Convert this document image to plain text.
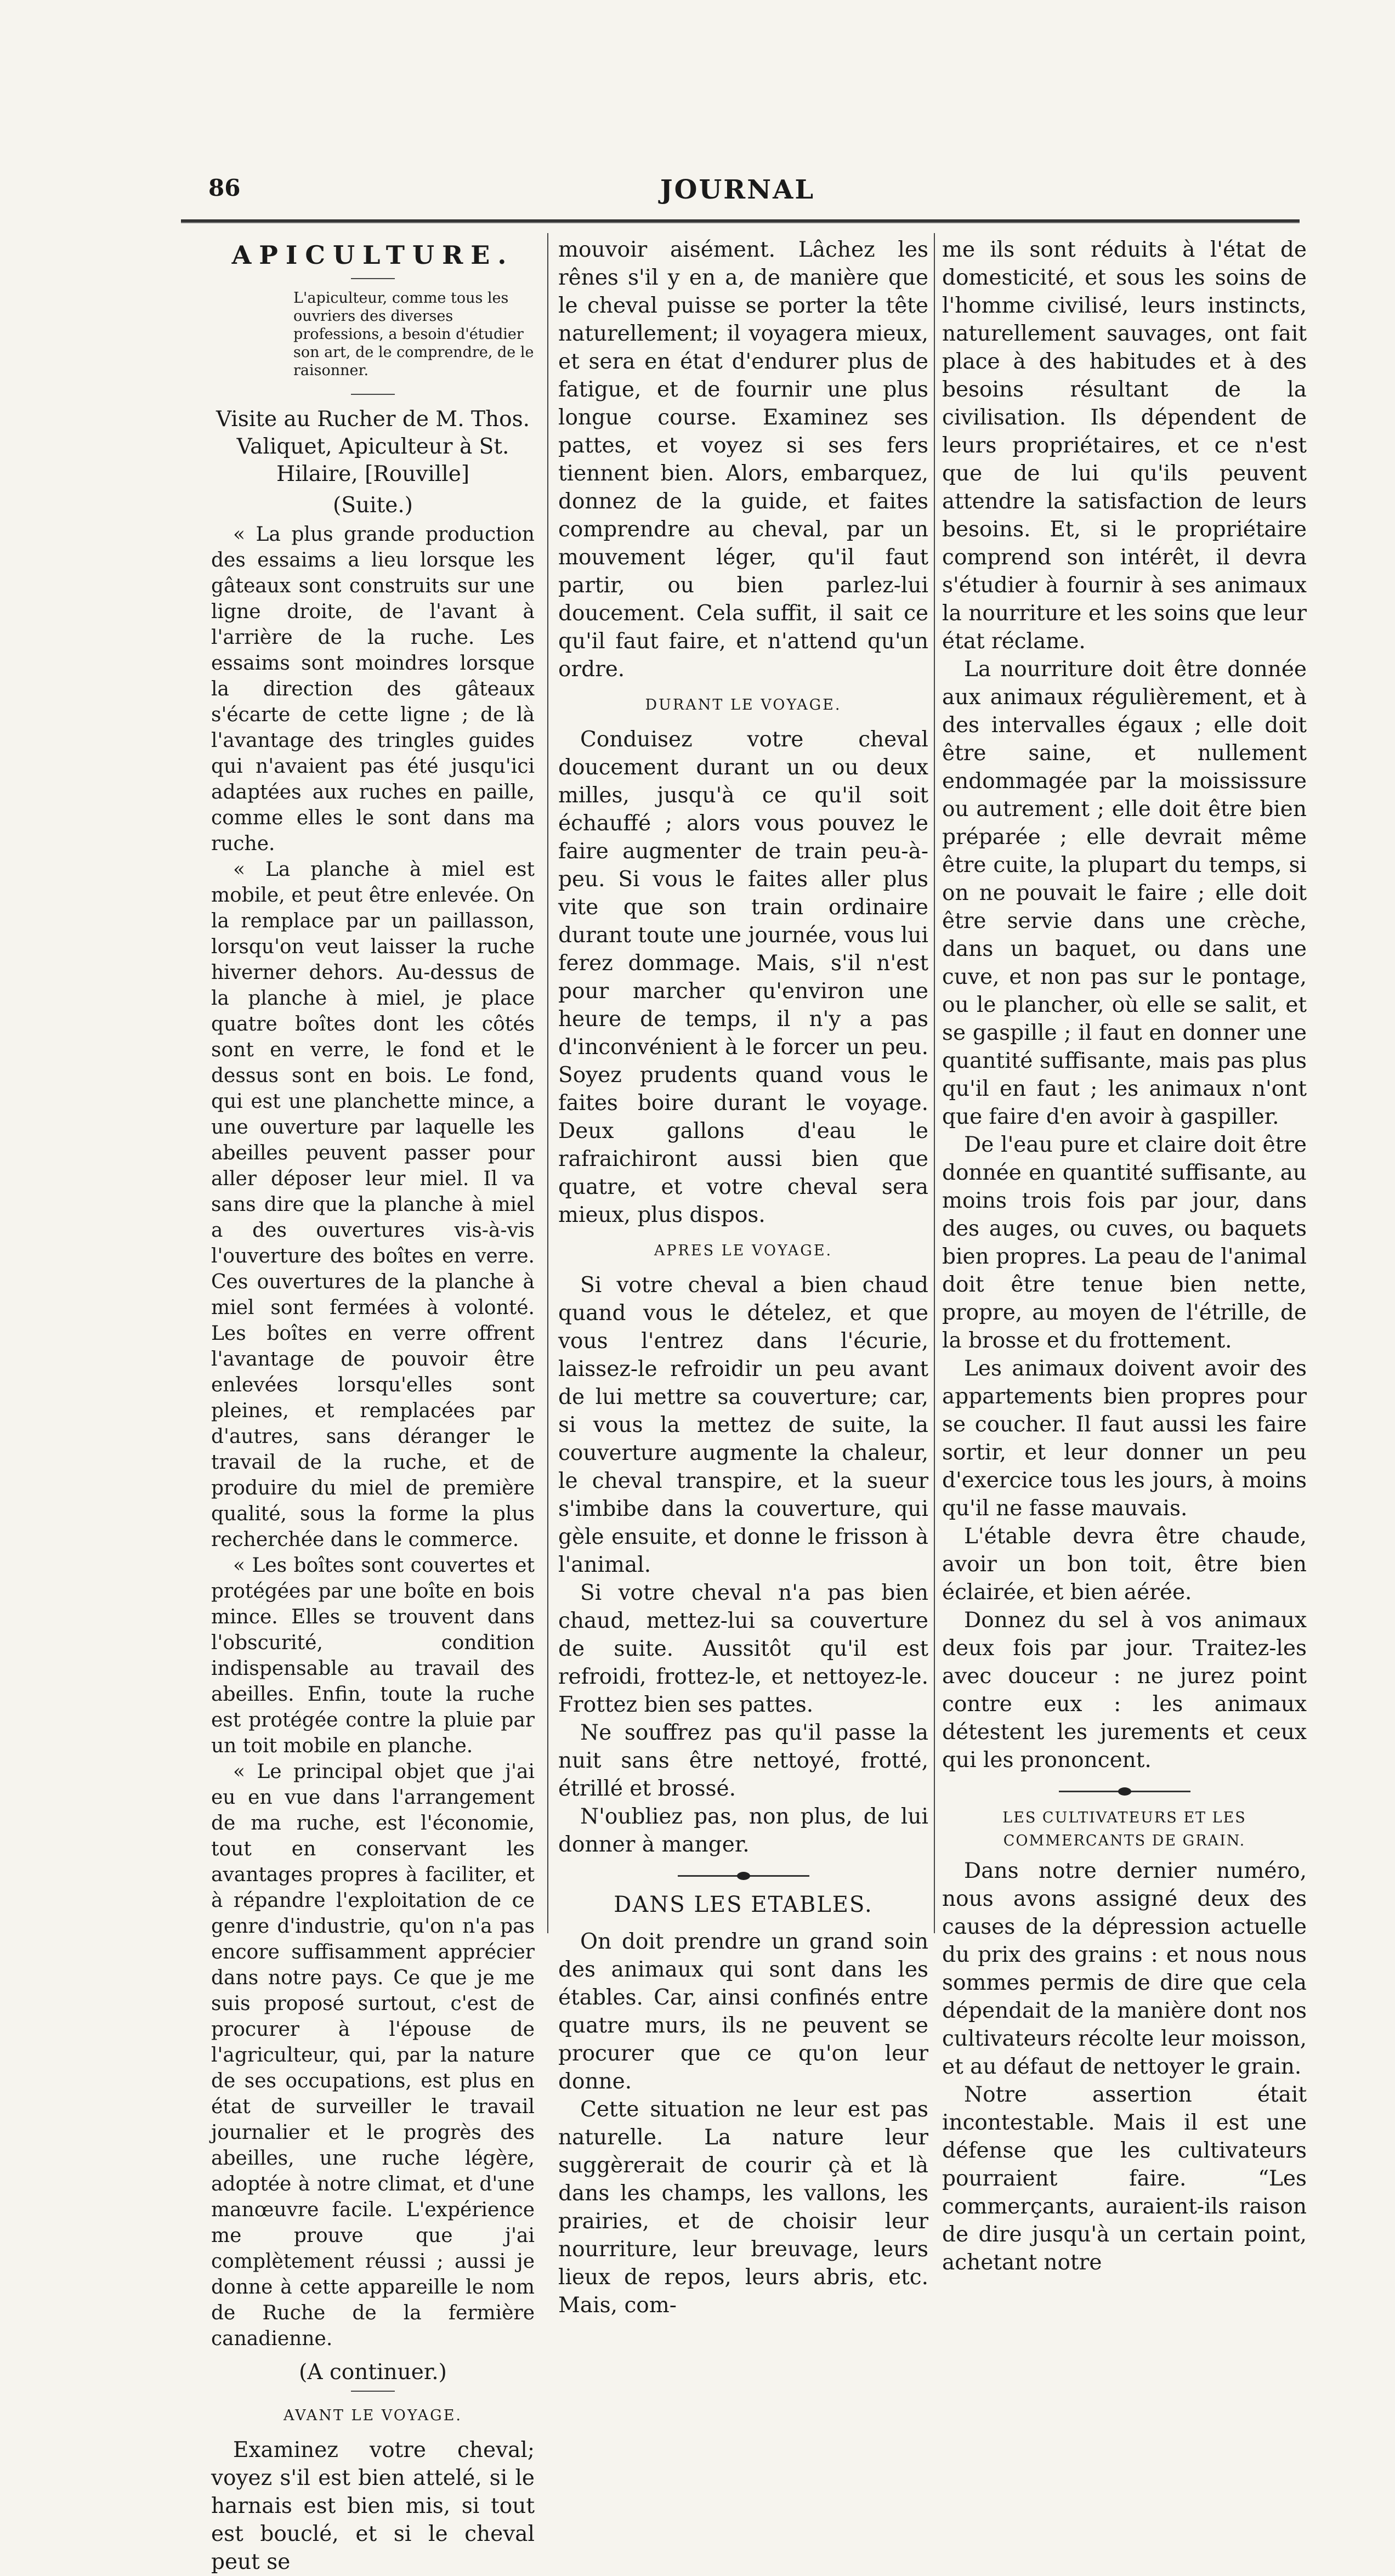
86	JOURNAL
APICULTURE.

L'apiculteur, comme tous les ouvriers des diverses professions, a besoin d'étudier son art, de le comprendre, de le raisonner.

Visite au Rucher de M. Thos. Valiquet, Apiculteur à St. Hilaire, [Rouville]

(Suite.)

« La plus grande production des essaims a lieu lorsque les gâteaux sont construits sur une ligne droite, de l'avant à l'arrière de la ruche. Les essaims sont moindres lorsque la direction des gâteaux s'écarte de cette ligne ; de là l'avantage des tringles guides qui n'avaient pas été jusqu'ici adaptées aux ruches en paille, comme elles le sont dans ma ruche.

« La planche à miel est mobile, et peut être enlevée. On la remplace par un paillasson, lorsqu'on veut laisser la ruche hiverner dehors. Au-dessus de la planche à miel, je place quatre boîtes dont les côtés sont en verre, le fond et le dessus sont en bois. Le fond, qui est une planchette mince, a une ouverture par laquelle les abeilles peuvent passer pour aller déposer leur miel. Il va sans dire que la planche à miel a des ouvertures vis-à-vis l'ouverture des boîtes en verre. Ces ouvertures de la planche à miel sont fermées à volonté. Les boîtes en verre offrent l'avantage de pouvoir être enlevées lorsqu'elles sont pleines, et remplacées par d'autres, sans déranger le travail de la ruche, et de produire du miel de première qualité, sous la forme la plus recherchée dans le commerce.

« Les boîtes sont couvertes et protégées par une boîte en bois mince. Elles se trouvent dans l'obscurité, condition indispensable au travail des abeilles. Enfin, toute la ruche est protégée contre la pluie par un toit mobile en planche.

« Le principal objet que j'ai eu en vue dans l'arrangement de ma ruche, est l'économie, tout en conservant les avantages propres à faciliter, et à répandre l'exploitation de ce genre d'industrie, qu'on n'a pas encore suffisamment apprécier dans notre pays. Ce que je me suis proposé surtout, c'est de procurer à l'épouse de l'agriculteur, qui, par la nature de ses occupations, est plus en état de surveiller le travail journalier et le progrès des abeilles, une ruche légère, adoptée à notre climat, et d'une manœuvre facile. L'expérience me prouve que j'ai complètement réussi ; aussi je donne à cette appareille le nom de Ruche de la fermière canadienne.

(A continuer.)

AVANT LE VOYAGE.

Examinez votre cheval; voyez s'il est bien attelé, si le harnais est bien mis, si tout est bouclé, et si le cheval peut se

mouvoir aisément. Lâchez les rênes s'il y en a, de manière que le cheval puisse se porter la tête naturellement; il voyagera mieux, et sera en état d'endurer plus de fatigue, et de fournir une plus longue course. Examinez ses pattes, et voyez si ses fers tiennent bien. Alors, embarquez, donnez de la guide, et faites comprendre au cheval, par un mouvement léger, qu'il faut partir, ou bien parlez-lui doucement. Cela suffit, il sait ce qu'il faut faire, et n'attend qu'un ordre.

DURANT LE VOYAGE.

Conduisez votre cheval doucement durant un ou deux milles, jusqu'à ce qu'il soit échauffé ; alors vous pouvez le faire augmenter de train peu-à-peu. Si vous le faites aller plus vite que son train ordinaire durant toute une journée, vous lui ferez dommage. Mais, s'il n'est pour marcher qu'environ une heure de temps, il n'y a pas d'inconvénient à le forcer un peu. Soyez prudents quand vous le faites boire durant le voyage. Deux gallons d'eau le rafraichiront aussi bien que quatre, et votre cheval sera mieux, plus dispos.

APRES LE VOYAGE.

Si votre cheval a bien chaud quand vous le dételez, et que vous l'entrez dans l'écurie, laissez-le refroidir un peu avant de lui mettre sa couverture; car, si vous la mettez de suite, la couverture augmente la chaleur, le cheval transpire, et la sueur s'imbibe dans la couverture, qui gèle ensuite, et donne le frisson à l'animal.

Si votre cheval n'a pas bien chaud, mettez-lui sa couverture de suite. Aussitôt qu'il est refroidi, frottez-le, et nettoyez-le. Frottez bien ses pattes.

Ne souffrez pas qu'il passe la nuit sans être nettoyé, frotté, étrillé et brossé.

N'oubliez pas, non plus, de lui donner à manger.

DANS LES ETABLES.

On doit prendre un grand soin des animaux qui sont dans les étables. Car, ainsi confinés entre quatre murs, ils ne peuvent se procurer que ce qu'on leur donne.

Cette situation ne leur est pas naturelle. La nature leur suggèrerait de courir çà et là dans les champs, les vallons, les prairies, et de choisir leur nourriture, leur breuvage, leurs lieux de repos, leurs abris, etc. Mais, com-

me ils sont réduits à l'état de domesticité, et sous les soins de l'homme civilisé, leurs instincts, naturellement sauvages, ont fait place à des habitudes et à des besoins résultant de la civilisation. Ils dépendent de leurs propriétaires, et ce n'est que de lui qu'ils peuvent attendre la satisfaction de leurs besoins. Et, si le propriétaire comprend son intérêt, il devra s'étudier à fournir à ses animaux la nourriture et les soins que leur état réclame.

La nourriture doit être donnée aux animaux régulièrement, et à des intervalles égaux ; elle doit être saine, et nullement endommagée par la moississure ou autrement ; elle doit être bien préparée ; elle devrait même être cuite, la plupart du temps, si on ne pouvait le faire ; elle doit être servie dans une crèche, dans un baquet, ou dans une cuve, et non pas sur le pontage, ou le plancher, où elle se salit, et se gaspille ; il faut en donner une quantité suffisante, mais pas plus qu'il en faut ; les animaux n'ont que faire d'en avoir à gaspiller.

De l'eau pure et claire doit être donnée en quantité suffisante, au moins trois fois par jour, dans des auges, ou cuves, ou baquets bien propres. La peau de l'animal doit être tenue bien nette, propre, au moyen de l'étrille, de la brosse et du frottement.

Les animaux doivent avoir des appartements bien propres pour se coucher. Il faut aussi les faire sortir, et leur donner un peu d'exercice tous les jours, à moins qu'il ne fasse mauvais.

L'étable devra être chaude, avoir un bon toit, être bien éclairée, et bien aérée.

Donnez du sel à vos animaux deux fois par jour. Traitez-les avec douceur : ne jurez point contre eux : les animaux détestent les jurements et ceux qui les prononcent.

LES CULTIVATEURS ET LES COMMERCANTS DE GRAIN.

Dans notre dernier numéro, nous avons assigné deux des causes de la dépression actuelle du prix des grains : et nous nous sommes permis de dire que cela dépendait de la manière dont nos cultivateurs récolte leur moisson, et au défaut de nettoyer le grain.

Notre assertion était incontestable. Mais il est une défense que les cultivateurs pourraient faire. “Les commerçants, auraient-ils raison de dire jusqu'à un certain point, achetant notre
